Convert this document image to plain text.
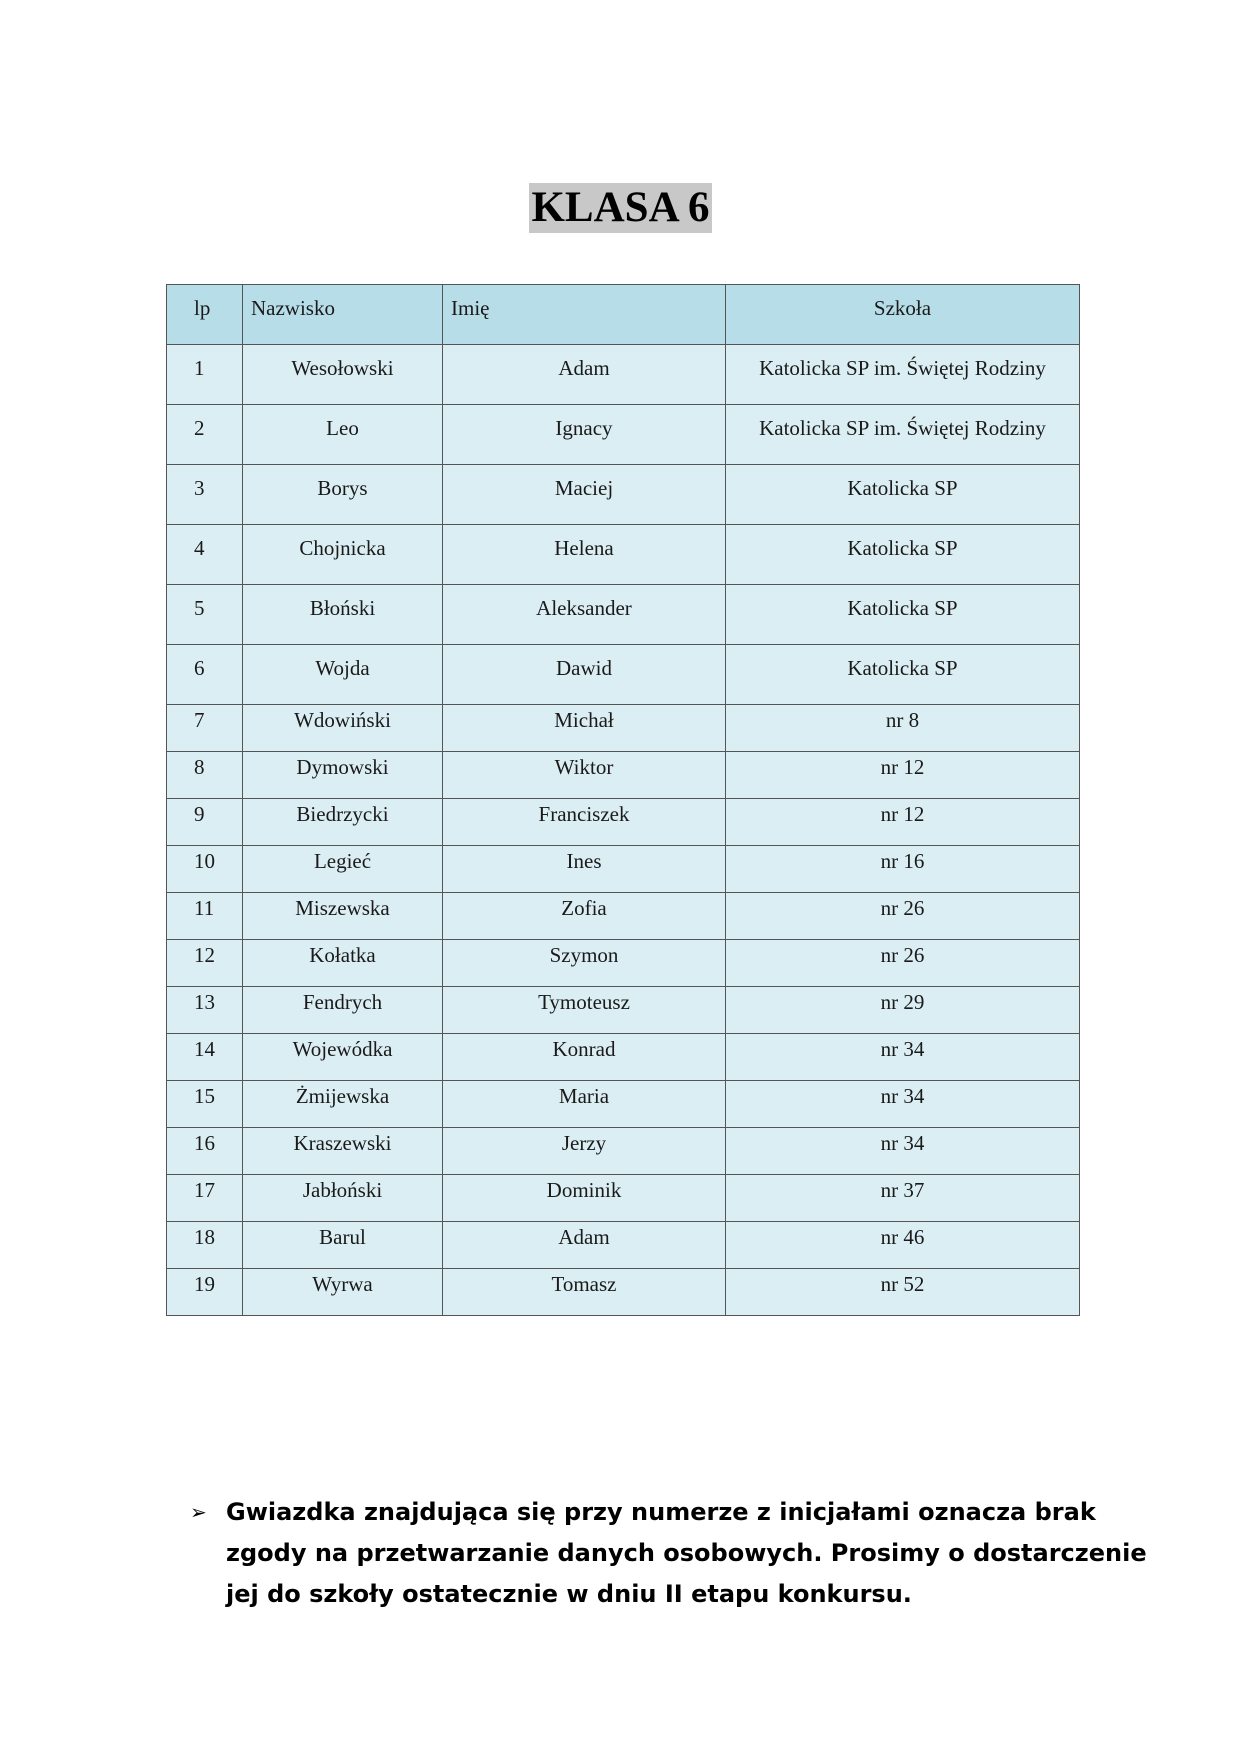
KLASA 6
lp	Nazwisko	Imię	Szkoła
1	Wesołowski	Adam	Katolicka SP im. Świętej Rodziny
2	Leo	Ignacy	Katolicka SP im. Świętej Rodziny
3	Borys	Maciej	Katolicka SP
4	Chojnicka	Helena	Katolicka SP
5	Błoński	Aleksander	Katolicka SP
6	Wojda	Dawid	Katolicka SP
7	Wdowiński	Michał	nr 8
8	Dymowski	Wiktor	nr 12
9	Biedrzycki	Franciszek	nr 12
10	Legieć	Ines	nr 16
11	Miszewska	Zofia	nr 26
12	Kołatka	Szymon	nr 26
13	Fendrych	Tymoteusz	nr 29
14	Wojewódka	Konrad	nr 34
15	Żmijewska	Maria	nr 34
16	Kraszewski	Jerzy	nr 34
17	Jabłoński	Dominik	nr 37
18	Barul	Adam	nr 46
19	Wyrwa	Tomasz	nr 52
➢ Gwiazdka znajdująca się przy numerze z inicjałami oznacza brak zgody na przetwarzanie danych osobowych. Prosimy o dostarczenie jej do szkoły ostatecznie w dniu II etapu konkursu.
